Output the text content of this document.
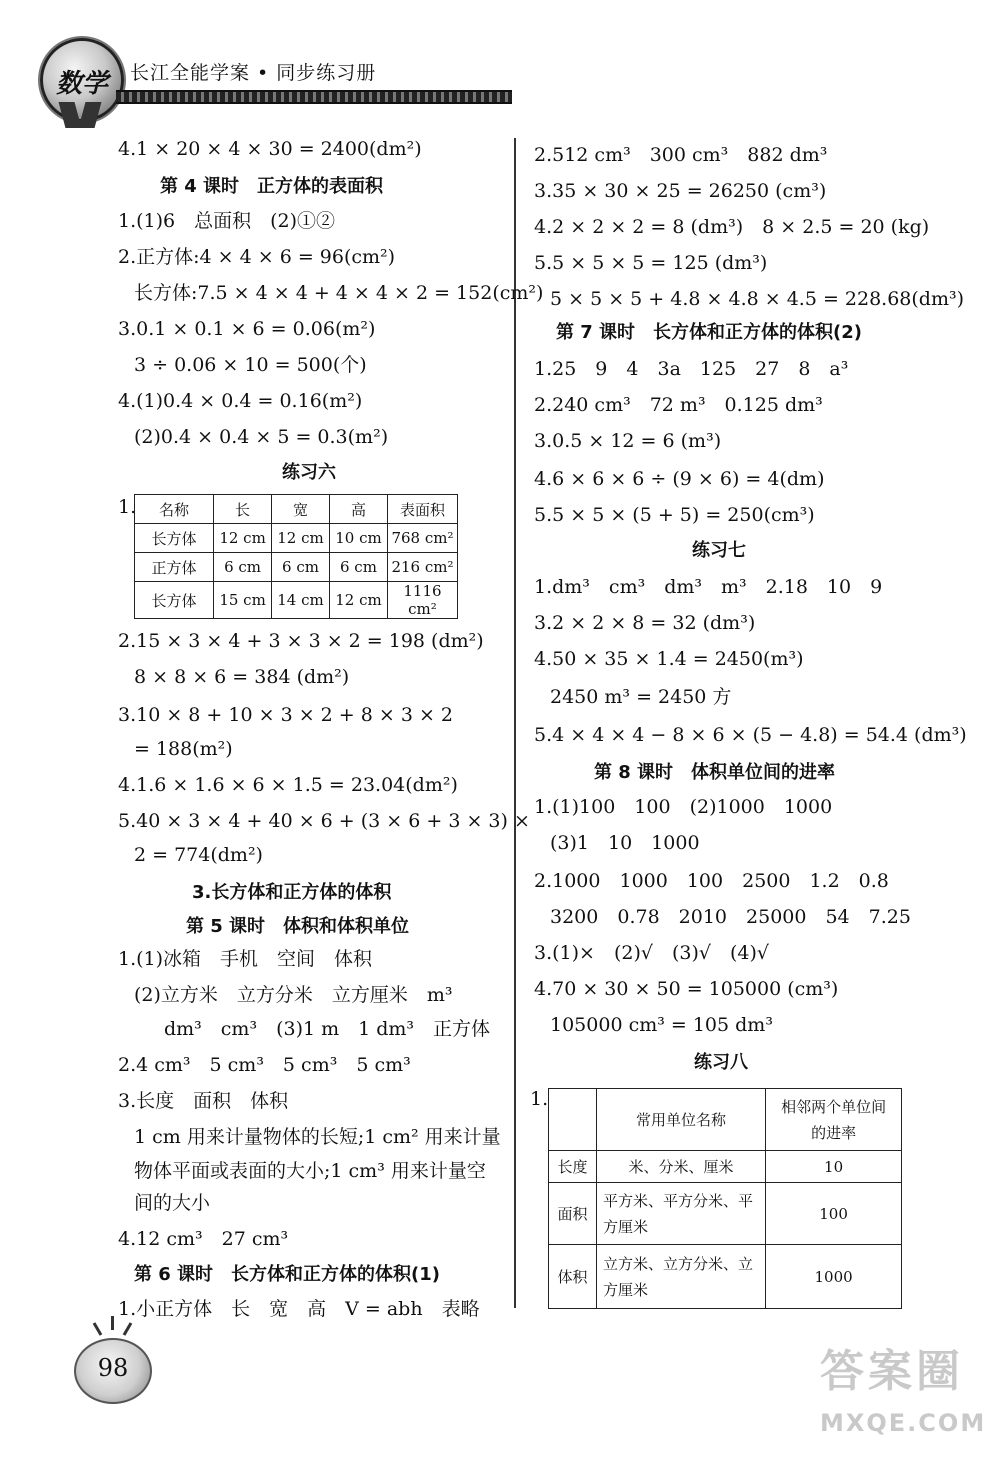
数学 长江全能学案 • 同步练习册
4.1 × 20 × 4 × 30 = 2400(dm²)
第 4 课时　正方体的表面积
1.(1)6　总面积　(2)①②
2.正方体:4 × 4 × 6 = 96(cm²)
长方体:7.5 × 4 × 4 + 4 × 4 × 2 = 152(cm²)
3.0.1 × 0.1 × 6 = 0.06(m²)
3 ÷ 0.06 × 10 = 500(个)
4.(1)0.4 × 0.4 = 0.16(m²)
(2)0.4 × 0.4 × 5 = 0.3(m²)
练习六
1. 名称	长	宽	高	表面积
长方体	12 cm	12 cm	10 cm	768 cm²
正方体	6 cm	6 cm	6 cm	216 cm²
长方体	15 cm	14 cm	12 cm	1116 cm²
2.15 × 3 × 4 + 3 × 3 × 2 = 198 (dm²)
8 × 8 × 6 = 384 (dm²)
3.10 × 8 + 10 × 3 × 2 + 8 × 3 × 2
= 188(m²)
4.1.6 × 1.6 × 6 × 1.5 = 23.04(dm²)
5.40 × 3 × 4 + 40 × 6 + (3 × 6 + 3 × 3) ×
2 = 774(dm²)
3.长方体和正方体的体积
第 5 课时　体积和体积单位
1.(1)冰箱　手机　空间　体积
(2)立方米　立方分米　立方厘米　m³
dm³　cm³　(3)1 m　1 dm³　正方体
2.4 cm³　5 cm³　5 cm³　5 cm³
3.长度　面积　体积
1 cm 用来计量物体的长短;1 cm² 用来计量
物体平面或表面的大小;1 cm³ 用来计量空
间的大小
4.12 cm³　27 cm³
第 6 课时　长方体和正方体的体积(1)
1.小正方体　长　宽　高　V = abh　表略
2.512 cm³　300 cm³　882 dm³
3.35 × 30 × 25 = 26250 (cm³)
4.2 × 2 × 2 = 8 (dm³)　8 × 2.5 = 20 (kg)
5.5 × 5 × 5 = 125 (dm³)
5 × 5 × 5 + 4.8 × 4.8 × 4.5 = 228.68(dm³)
第 7 课时　长方体和正方体的体积(2)
1.25　9　4　3a　125　27　8　a³
2.240 cm³　72 m³　0.125 dm³
3.0.5 × 12 = 6 (m³)
4.6 × 6 × 6 ÷ (9 × 6) = 4(dm)
5.5 × 5 × (5 + 5) = 250(cm³)
练习七
1.dm³　cm³　dm³　m³　2.18　10　9
3.2 × 2 × 8 = 32 (dm³)
4.50 × 35 × 1.4 = 2450(m³)
2450 m³ = 2450 方
5.4 × 4 × 4 − 8 × 6 × (5 − 4.8) = 54.4 (dm³)
第 8 课时　体积单位间的进率
1.(1)100　100　(2)1000　1000
(3)1　10　1000
2.1000　1000　100　2500　1.2　0.8
3200　0.78　2010　25000　54　7.25
3.(1)×　(2)√　(3)√　(4)√
4.70 × 30 × 50 = 105000 (cm³)
105000 cm³ = 105 dm³
练习八
1.
	常用单位名称	相邻两个单位间的进率
长度	米、分米、厘米	10
面积	平方米、平方分米、平方厘米	100
体积	立方米、立方分米、立方厘米	1000
98	答案圈
MXQE.COM
